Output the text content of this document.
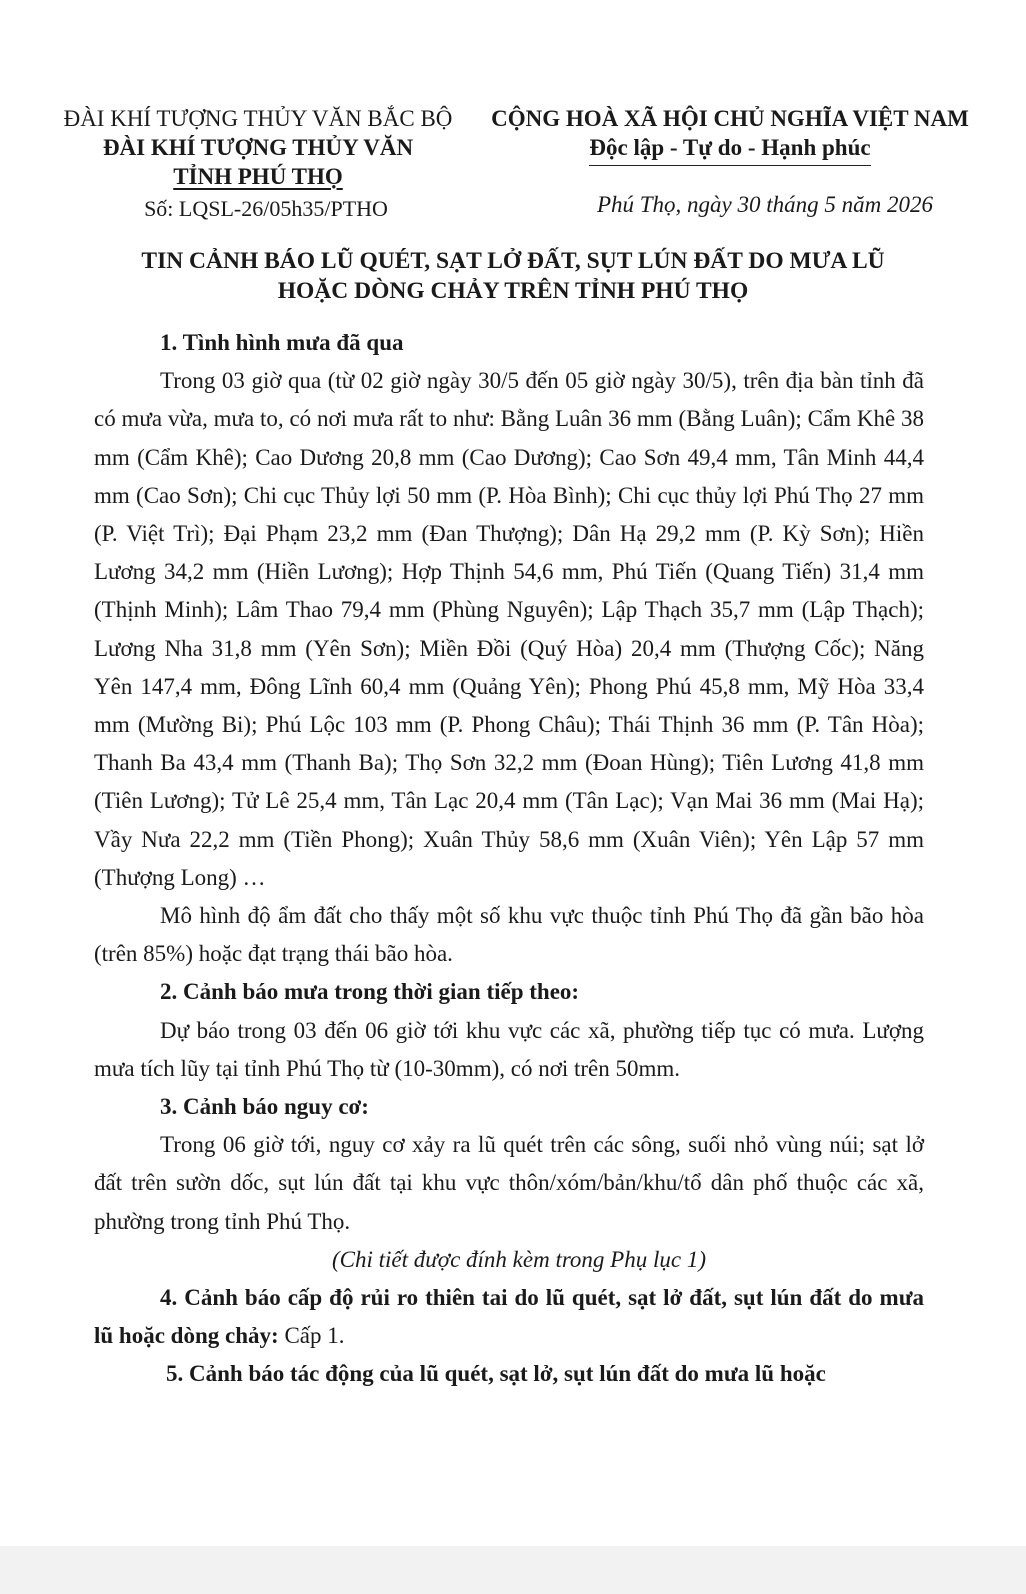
ĐÀI KHÍ TƯỢNG THỦY VĂN BẮC BỘ
ĐÀI KHÍ TƯỢNG THỦY VĂN
TỈNH PHÚ THỌ
CỘNG HOÀ XÃ HỘI CHỦ NGHĨA VIỆT NAM
Độc lập - Tự do - Hạnh phúc
Số: LQSL-26/05h35/PTHO	Phú Thọ, ngày 30 tháng 5 năm 2026
TIN CẢNH BÁO LŨ QUÉT, SẠT LỞ ĐẤT, SỤT LÚN ĐẤT DO MƯA LŨ
HOẶC DÒNG CHẢY TRÊN TỈNH PHÚ THỌ

1. Tình hình mưa đã qua

Trong 03 giờ qua (từ 02 giờ ngày 30/5 đến 05 giờ ngày 30/5), trên địa bàn tỉnh đã có mưa vừa, mưa to, có nơi mưa rất to như: Bằng Luân 36 mm (Bằng Luân); Cẩm Khê 38 mm (Cẩm Khê); Cao Dương 20,8 mm (Cao Dương); Cao Sơn 49,4 mm, Tân Minh 44,4 mm (Cao Sơn); Chi cục Thủy lợi 50 mm (P. Hòa Bình); Chi cục thủy lợi Phú Thọ 27 mm (P. Việt Trì); Đại Phạm 23,2 mm (Đan Thượng); Dân Hạ 29,2 mm (P. Kỳ Sơn); Hiền Lương 34,2 mm (Hiền Lương); Hợp Thịnh 54,6 mm, Phú Tiến (Quang Tiến) 31,4 mm (Thịnh Minh); Lâm Thao 79,4 mm (Phùng Nguyên); Lập Thạch 35,7 mm (Lập Thạch); Lương Nha 31,8 mm (Yên Sơn); Miền Đồi (Quý Hòa) 20,4 mm (Thượng Cốc); Năng Yên 147,4 mm, Đông Lĩnh 60,4 mm (Quảng Yên); Phong Phú 45,8 mm, Mỹ Hòa 33,4 mm (Mường Bi); Phú Lộc 103 mm (P. Phong Châu); Thái Thịnh 36 mm (P. Tân Hòa); Thanh Ba 43,4 mm (Thanh Ba); Thọ Sơn 32,2 mm (Đoan Hùng); Tiên Lương 41,8 mm (Tiên Lương); Tử Lê 25,4 mm, Tân Lạc 20,4 mm (Tân Lạc); Vạn Mai 36 mm (Mai Hạ); Vầy Nưa 22,2 mm (Tiền Phong); Xuân Thủy 58,6 mm (Xuân Viên); Yên Lập 57 mm (Thượng Long) …

Mô hình độ ẩm đất cho thấy một số khu vực thuộc tỉnh Phú Thọ đã gần bão hòa (trên 85%) hoặc đạt trạng thái bão hòa.

2. Cảnh báo mưa trong thời gian tiếp theo:

Dự báo trong 03 đến 06 giờ tới khu vực các xã, phường tiếp tục có mưa. Lượng mưa tích lũy tại tỉnh Phú Thọ từ (10-30mm), có nơi trên 50mm.

3. Cảnh báo nguy cơ:

Trong 06 giờ tới, nguy cơ xảy ra lũ quét trên các sông, suối nhỏ vùng núi; sạt lở đất trên sườn dốc, sụt lún đất tại khu vực thôn/xóm/bản/khu/tổ dân phố thuộc các xã, phường trong tỉnh Phú Thọ.

(Chi tiết được đính kèm trong Phụ lục 1)

4. Cảnh báo cấp độ rủi ro thiên tai do lũ quét, sạt lở đất, sụt lún đất do mưa lũ hoặc dòng chảy: Cấp 1.

5. Cảnh báo tác động của lũ quét, sạt lở, sụt lún đất do mưa lũ hoặc
